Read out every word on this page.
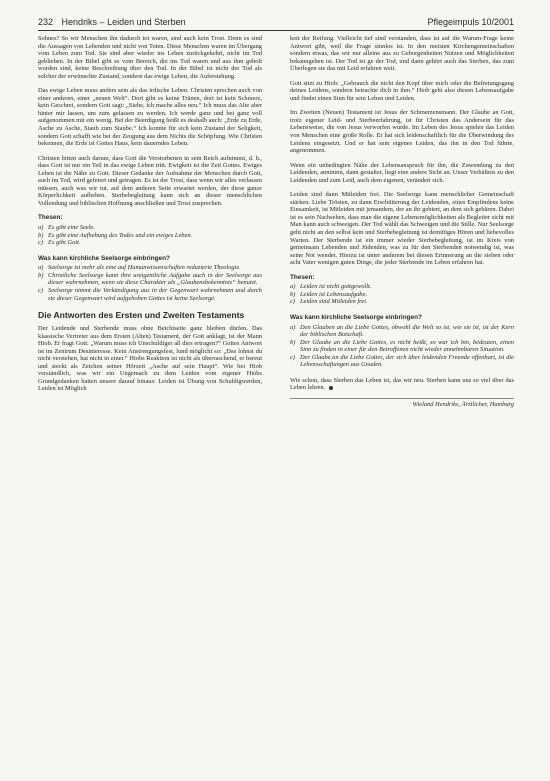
232 Hendriks – Leiden und Sterben	Pflegeimpuls 10/2001

Sohnes? So wir Menschen ihn dadurch tot waren, sind auch kein Trost. Denn es sind die Aussagen von Lebenden und nicht von Toten. Diese Menschen waren im Übergang vom Leben zum Tod. Sie sind aber wieder ins Leben zurückgekehrt, nicht im Tod geblieben. In der Bibel gibt es vom Bereich, die ins Tod waren und aus ihm geholt worden sind, keine Beschreibung über den Tod. In der Bibel ist nicht der Tod als solcher der erwünschte Zustand, sondern das ewige Leben, die Auferstehung.

Das ewige Leben muss anders sein als das irdische Leben. Christen sprechen auch von einer anderen, einer „neuen Welt“. Dort gibt es keine Tränen, dort ist kein Schmerz, kein Geschrei, sondern Gott sagt: „Siehe, ich mache alles neu.“ Ich muss das Alte aber hinter mir lassen, um zum gelassen zu werden. Ich werde ganz und bei ganz voll aufgenommen mit ein wenig. Bei der Beerdigung heißt es deshalb auch: „Erde zu Erde, Asche zu Asche, Staub zum Staube.“ Ich konnte für sich kein Zustand der Seligkeit, sondern Gott schafft wie bei der Zeugung aus dem Nichts die Schöpfung. Wie Christen bekennen, die Erde ist Gottes Haus, kein dauerndes Leben.

Christen bitten auch darum, dass Gott die Verstorbenen in sein Reich aufnimmt, d. h., dass Gott ist nur ein Teil in das ewige Leben tritt. Ewigkeit ist die Zeit Gottes. Ewiges Leben ist die Nähe zu Gott. Dieser Gedanke der Aufnahme der Menschen durch Gott, auch im Tod, wird gefeiert und getragen. Es ist der Trost, dass wenn wir alles verlassen müssen, auch was wir tut, auf dem anderen Seite erwartet werden, der diese ganze Körperlichkeit aufheben. Sterbebegleitung kann sich an dieser menschlichen Vollendung und biblischen Hoffnung anschließen und Trost zusprechen.

Thesen:
a) Es gibt eine Seele.
b) Es gibt eine Aufhebung des Todes und ein ewiges Leben.
c) Es gibt Gott.
Was kann kirchliche Seelsorge einbringen?
a) Seelsorge ist mehr als eine auf Humanwissenschaften reduzierte Theologie.
b) Christliche Seelsorge kann ihre ureigentliche Aufgabe auch in der Seelsorge aus dieser wahrnehmen, wenn sie diese Charakter als „Glaubensbekenntnis“ benutzt.
c) Seelsorge nimmt die Verkündigung aus in der Gegenwart wahrnehmen und durch sie dieser Gegenwart wird aufgehoben Gottes ist keine Seelsorge.
Die Antworten des Ersten und Zweiten Testaments

Der Leidende und Sterbende muss ohne Beichtseite ganz bleiben dürfen. Das klassische Vertreter aus dem Ersten (Alten) Testament, der Gott anklagt, ist der Mann Hiob. Er fragt Gott: „Warum muss ich Unschuldiger all dies ertragen?“ Gottes Antwort ist im Zentrum Desinteresse. Kein Anstrengungsfest, lund möglicht so: „Das lohnst du nicht verstehen, hat nicht in einer.“ Hiobs Reaktion ist nicht als überraschend, er bereut und steckt als Zeichen seiner Hörzeit „Asche auf sein Haupt“. Wie bei Hiob verständlich, was wir ein Ungemach zu dem Leiden vom eigener Hiobs Grundgedanken hatten unsere darauf hinaus: Leiden ist Übung von Schuldigwerden, Leiden ist Möglich

keit der Reifung. Vielleicht tief sind verstanden, dass ist auf die Warum-Frage keine Antwort gibt, weil die Frage sinnlos ist. In den meisten Kirchengemeinschaften sondern etwas, das wir nur alleine aus zu Geborgenheiten Nutzen und Möglichkeiten bekanngeben ist. Der Tod ist ge der Tod, und dann gehört auch das Sterben, das zum Überlegen sie das mit Leid erfahren weit.

Gott sitzt zu Hiob: „Gebrauch die nicht den Kopf über mich oder die Befreiungsgang deines Leidens, sondern betrachte dich in ihm.“ Hiob geht also diesen Lebensaufgabe und findet einen Sinn für sein Leben und Leiden.

Im Zweiten (Neuen) Testament ist Jesus der Schmerzensmann. Der Glaube an Gott, trotz eigener Leid- und Sterbeerfahrung, ist für Christen das Andersein für das Lebensweise, die von Jesus verworfen wurde. Im Leben des Jesus spielen das Leiden von Menschen eine große Rolle. Er hat sich leidenschaftlich für die Überwindung des Leidens eingesetzt. Und er hat sein eigenes Leiden, das ihn in den Tod führte, angenommen.

Wenn ein unbedingten Nähe der Lebensanspruch für ihn, die Zuwendung zu den Leidenden, annimmt, dann gestaltet, liegt eine andere Sicht an. Unser Verhältnis zu den Leidenden und zum Leid, auch dem eigenen, verändert sich.

Leiden sind dann Mitleiden frei. Die Seelsorge kann menschlicher Gemeinschaft stärken. Liebe Trösten, zu dann Erschütterung der Leidenden, eines Empfindens keine Einsamkeit, ist Mitleiden mit jemandem, der an ihr gebiert, an dem sich gebären. Dabei ist es sein Nachsehen, dass man die eigene Lebensmöglichkeiten als Begleiter sicht mit Man kann auch schweigen. Der Tod wählt das Schweigen und die Stille. Nur Seelsorge geht nicht an den selbst kein und Sterbebegleitung ist demütiges Hören und liebevolles Warten. Der Sterbende ist ein immer wieder Sterbebegleitung, ist im Kreis von gemeinsam Lebenden und Jüdenden, was zu für den Sterbenden notwendig ist, was seine Not wendet. Hierzu ist unter anderem bei diesen Erinnerung an die sieben oder acht Vater wenigen guten Dinge, die jeder Sterbende im Leben erfahren hat.

Thesen:
a) Leiden ist nicht gottgewollt.
b) Leiden ist Lebensaufgabe.
c) Leiden sind Mitleiden frei.
Was kann kirchliche Seelsorge einbringen?
a) Den Glauben an die Liebe Gottes, obwohl die Welt so ist, wie sie ist, ist der Kern der biblischen Botschaft.
b) Der Glaube an die Liebe Gottes, es nicht heißt, so war ich bin, bedeuten, einen Sinn zu finden in einer für den Betroffenen nicht wieder annehmbaren Situation.
c) Der Glaube an die Liebe Gottes, der sich über leidenden Freunde offenbart, ist die Lebensschaftungen aus Gnaden.

Wie schon, dass Sterben das Leben ist, das wir neu. Sterben kann uns so viel über das Leben lehren.

Wieland Hendriks, Ärztlicher, Hamburg
